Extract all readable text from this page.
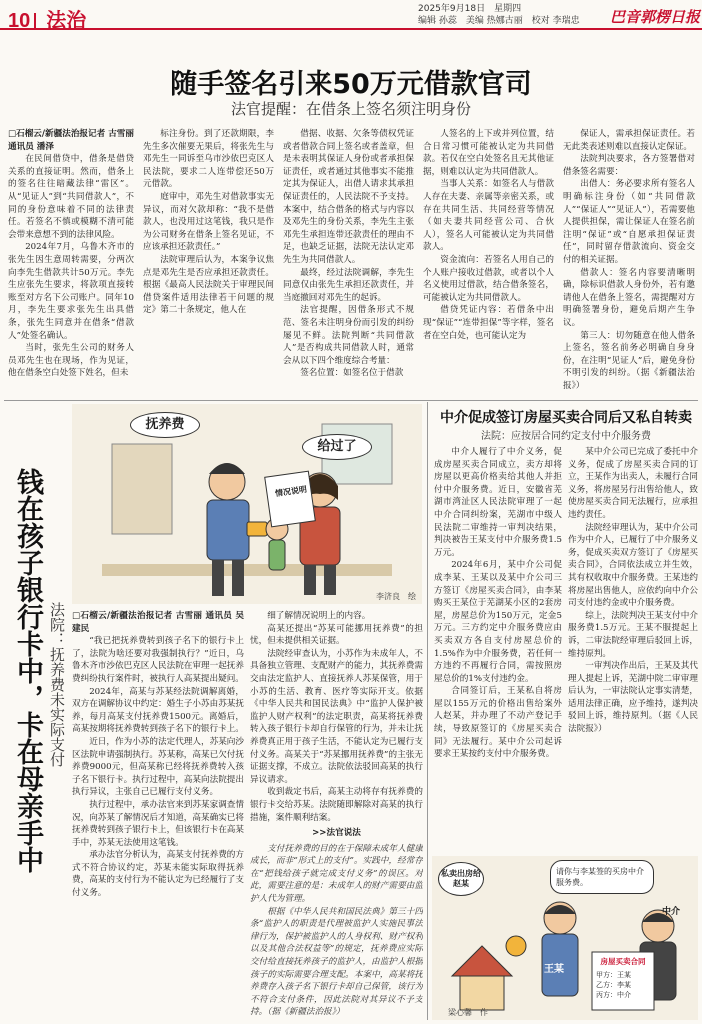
10 法治
2025年9月18日　星期四
编辑 孙蕊　美编 热娜古丽　校对 李瑞忠 巴音郭楞日报
随手签名引来50万元借款官司
法官提醒：在借条上签名须注明身份

□石榴云/新疆法治报记者 古雪丽 通讯员 潘泽

在民间借贷中，借条是借贷关系的直接证明。然而，借条上的签名往往暗藏法律“雷区”。从“见证人”到“共同借款人”，不同的身份意味着不同的法律责任。若签名不慎或模糊不清可能会带来意想不到的法律风险。

2024年7月，乌鲁木齐市的张先生因生意周转需要，分两次向李先生借款共计50万元。李先生应张先生要求，将款项直接转账至对方名下公司账户。同年10月，李先生要求张先生出具借条，张先生同意并在借条“借款人”处签名确认。

当时，张先生公司的财务人员邓先生也在现场，作为见证，他在借条空白处签下姓名，但未

标注身份。到了还款期限，李先生多次催要无果后，将张先生与邓先生一同诉至乌市沙依巴克区人民法院，要求二人连带偿还50万元借款。

庭审中，邓先生对借款事实无异议，而对欠款却称：“我不是借款人，也没用过这笔钱，我只是作为公司财务在借条上签名见证，不应该承担还款责任。”

法院审理后认为，本案争议焦点是邓先生是否应承担还款责任。根据《最高人民法院关于审理民间借贷案件适用法律若干问题的规定》第二十条规定，他人在

借据、收据、欠条等债权凭证或者借款合同上签名或者盖章，但是未表明其保证人身份或者承担保证责任，或者通过其他事实不能推定其为保证人，出借人请求其承担保证责任的，人民法院不予支持。本案中，结合借条的格式与内容以及邓先生的身份关系，李先生主张邓先生承担连带还款责任的理由不足，也缺乏证据，法院无法认定邓先生为共同借款人。

最终，经过法院调解，李先生同意仅由张先生承担还款责任，并当庭撤回对邓先生的起诉。

法官提醒，因借条形式不规范、签名未注明身份而引发的纠纷屡见不鲜。法院判断“共同借款人”是否构成共同借款人时，通常会从以下四个维度综合考量：

签名位置：如签名位于借款

人签名的上下或并列位置，结合日常习惯可能被认定为共同借款。若仅在空白处签名且无其他证据，则难以认定为共同借款人。

当事人关系：如签名人与借款人存在夫妻、亲属等亲密关系，或存在共同生活、共同经营等情况（如夫妻共同经营公司、合伙人），签名人可能被认定为共同借款人。

资金流向：若签名人用自己的个人账户接收过借款，或者以个人名义使用过借款，结合借条签名，可能被认定为共同借款人。

借贷凭证内容：若借条中出现“保证”“连带担保”等字样，签名者在空白处，也可能认定为

保证人，需承担保证责任。若无此类表述则难以直接认定保证。

法院判决要求，各方签署借对借条签名需要：

出借人：务必要求所有签名人明确标注身份（如“共同借款人”“保证人”“见证人”），若需要他人提供担保，需让保证人在签名前注明“保证”或“自愿承担保证责任”，同时留存借款流向、资金交付的相关证据。

借款人：签名内容要清晰明确，除标识借款人身份外，若有邀请他人在借条上签名，需提醒对方明确签署身份，避免后期产生争议。

第三人：切勿随意在他人借条上签名，签名前务必明确自身身份，在注明“见证人”后，避免身份不明引发的纠纷。（据《新疆法治报》）

钱在孩子银行卡中，卡在母亲手中 法院：抚养费未实际支付
抚养费
给过了
情况说明
李济良　绘

□石榴云/新疆法治报记者 古雪丽 通讯员 吴建民

“我已把抚养费转到孩子名下的银行卡上了，法院为啥还要对我强制执行？”近日，乌鲁木齐市沙依巴克区人民法院在审理一起抚养费纠纷执行案件时，被执行人高某提出疑问。

2024年，高某与苏某经法院调解离婚，双方在调解协议中约定：婚生子小苏由苏某抚养，每月高某支付抚养费1500元。离婚后，高某按期将抚养费转到孩子名下的银行卡上。

近日，作为小苏的法定代理人，苏某向沙区法院申请强制执行。苏某称，高某已欠付抚养费9000元，但高某称已经将抚养费转入孩子名下银行卡。执行过程中，高某向法院提出执行异议，主张自己已履行支付义务。

执行过程中，承办法官来到苏某家调查情况，向苏某了解情况后才知道，高某确实已将抚养费转到孩子银行卡上，但该银行卡在高某手中，苏某无法使用这笔钱。

承办法官分析认为，高某支付抚养费的方式不符合协议约定，苏某未能实际取得抚养费，高某的支付行为不能认定为已经履行了支付义务。

细了解情况说明上的内容。

高某还提出“苏某可能挪用抚养费”的担忧，但未提供相关证据。

法院经审查认为，小苏作为未成年人，不具备独立管理、支配财产的能力，其抚养费需交由法定监护人、直接抚养人苏某保管，用于小苏的生活、教育、医疗等实际开支。依据《中华人民共和国民法典》中“监护人保护被监护人财产权利”的法定职责，高某将抚养费转入孩子银行卡却自行保管的行为，并未让抚养费真正用于孩子生活，不能认定为已履行支付义务。高某关于“苏某挪用抚养费”的主张无证据支撑，不成立。法院依法驳回高某的执行异议请求。

收到裁定书后，高某主动将存有抚养费的银行卡交给苏某。法院随即解除对高某的执行措施，案件顺利结案。

>>法官说法

支付抚养费的目的在于保障未成年人健康成长，而非“形式上的支付”。实践中，经常存在“把钱给孩子就完成支付义务”的误区。对此，需要注意的是：未成年人的财产需要由监护人代为管理。

根据《中华人民共和国民法典》第三十四条“监护人的职责是代理被监护人实施民事法律行为，保护被监护人的人身权利、财产权利以及其他合法权益等”的规定，抚养费应实际交付给直接抚养孩子的监护人，由监护人根据孩子的实际需要合理支配。本案中，高某将抚养费存入孩子名下银行卡却自己保管，该行为不符合支付条件，因此法院对其异议不予支持。（据《新疆法治报》）

中介促成签订房屋买卖合同后又私自转卖
法院：应按居合同约定支付中介服务费

中介人履行了中介义务，促成房屋买卖合同成立，卖方却将房屋以更高价格卖给其他人并拒付中介服务费。近日，安徽省芜湖市湾沚区人民法院审理了一起中介合同纠纷案，芜湖市中级人民法院二审维持一审判决结果，判决被告王某支付中介服务费1.5万元。

2024年6月，某中介公司促成李某、王某以及某中介公司三方签订《房屋买卖合同》，由李某购买王某位于芜湖某小区的2套房屋，房屋总价为150万元，定金5万元。三方约定中介服务费应由买卖双方各自支付房屋总价的1.5%作为中介服务费，若任何一方违约不再履行合同，需按照房屋总价的1%支付违约金。

合同签订后，王某私自将房屋以155万元的价格出售给案外人赵某，并办理了不动产登记手续，导致原签订的《房屋买卖合同》无法履行。某中介公司起诉要求王某按约支付中介服务费。

某中介公司已完成了委托中介义务，促成了房屋买卖合同的订立，王某作为出卖人，未履行合同义务，将房屋另行出售给他人，致使房屋买卖合同无法履行，应承担违约责任。

法院经审理认为，某中介公司作为中介人，已履行了中介服务义务，促成买卖双方签订了《房屋买卖合同》，合同依法成立并生效，其有权收取中介服务费。王某违约将房屋出售他人，应依约向中介公司支付违约金或中介服务费。

综上，法院判决王某支付中介服务费1.5万元。王某不服提起上诉，二审法院经审理后驳回上诉，维持原判。

一审判决作出后，王某及其代理人提起上诉，芜湖中院二审审理后认为，一审法院认定事实清楚，适用法律正确，应予维持，遂判决驳回上诉，维持原判。（据《人民法院报》）

私卖出房给赵某
请你与李某签的买房中介服务费。
王某
中介
房屋买卖合同
甲方：王某
乙方：李某
丙方：中介
梁心馨　作
